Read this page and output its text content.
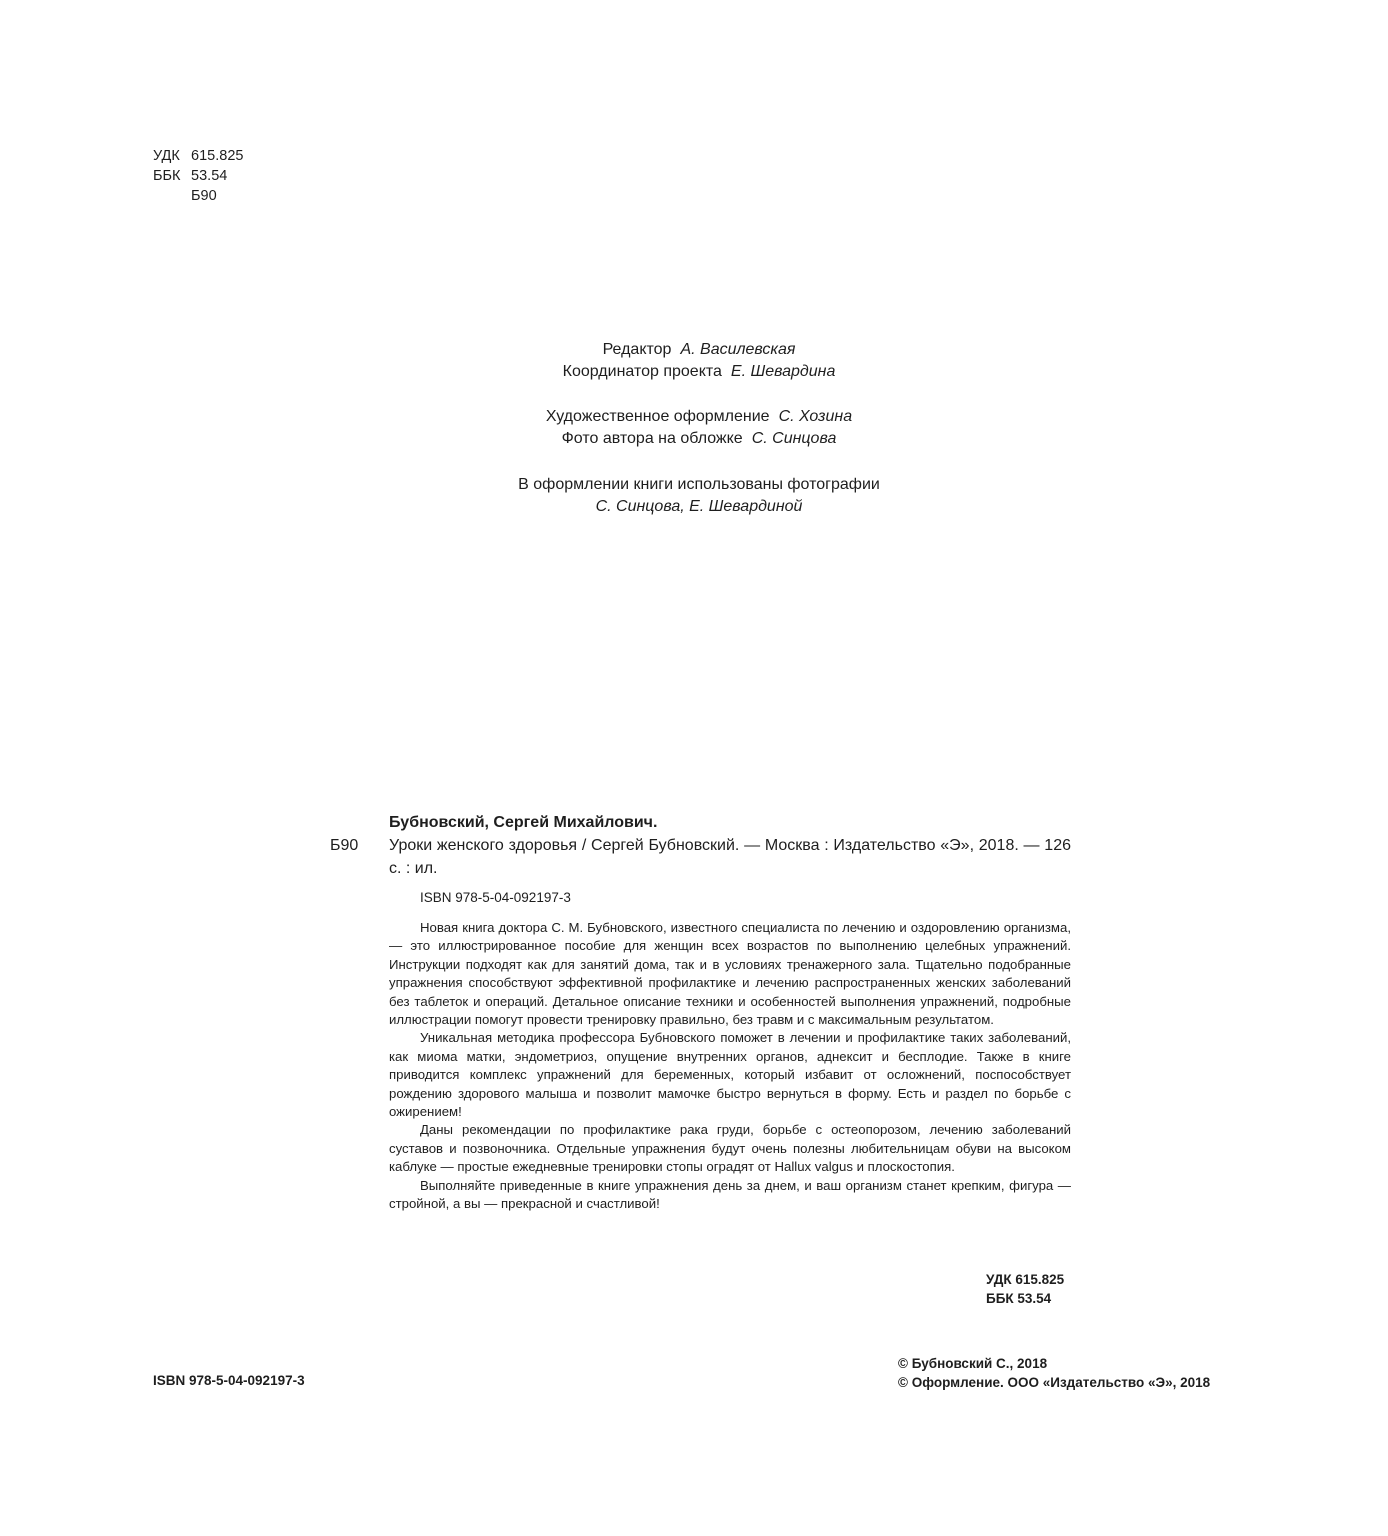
УДК 615.825
ББК 53.54
Б90
Редактор А. Василевская
Координатор проекта Е. Шевардина
Художественное оформление С. Хозина
Фото автора на обложке С. Синцова
В оформлении книги использованы фотографии
С. Синцова, Е. Шевардиной
Б90
Бубновский, Сергей Михайлович.
Уроки женского здоровья / Сергей Бубновский. — Москва : Издательство «Э», 2018. — 126 с. : ил.
ISBN 978-5-04-092197-3

Новая книга доктора С. М. Бубновского, известного специалиста по лечению и оздоровлению организма, — это иллюстрированное пособие для женщин всех возрастов по выполнению целебных упражнений. Инструкции подходят как для занятий дома, так и в условиях тренажерного зала. Тщательно подобранные упражнения способствуют эффективной профилактике и лечению распространенных женских заболеваний без таблеток и операций. Детальное описание техники и особенностей выполнения упражнений, подробные иллюстрации помогут провести тренировку правильно, без травм и с максимальным результатом.

Уникальная методика профессора Бубновского поможет в лечении и профилактике таких заболеваний, как миома матки, эндометриоз, опущение внутренних органов, аднексит и бесплодие. Также в книге приводится комплекс упражнений для беременных, который избавит от осложнений, поспособствует рождению здорового малыша и позволит мамочке быстро вернуться в форму. Есть и раздел по борьбе с ожирением!

Даны рекомендации по профилактике рака груди, борьбе с остеопорозом, лечению заболеваний суставов и позвоночника. Отдельные упражнения будут очень полезны любительницам обуви на высоком каблуке — простые ежедневные тренировки стопы оградят от Hallux valgus и плоскостопия.

Выполняйте приведенные в книге упражнения день за днем, и ваш организм станет крепким, фигура — стройной, а вы — прекрасной и счастливой!

УДК 615.825
ББК 53.54
ISBN 978-5-04-092197-3
© Бубновский С., 2018
© Оформление. ООО «Издательство «Э», 2018
